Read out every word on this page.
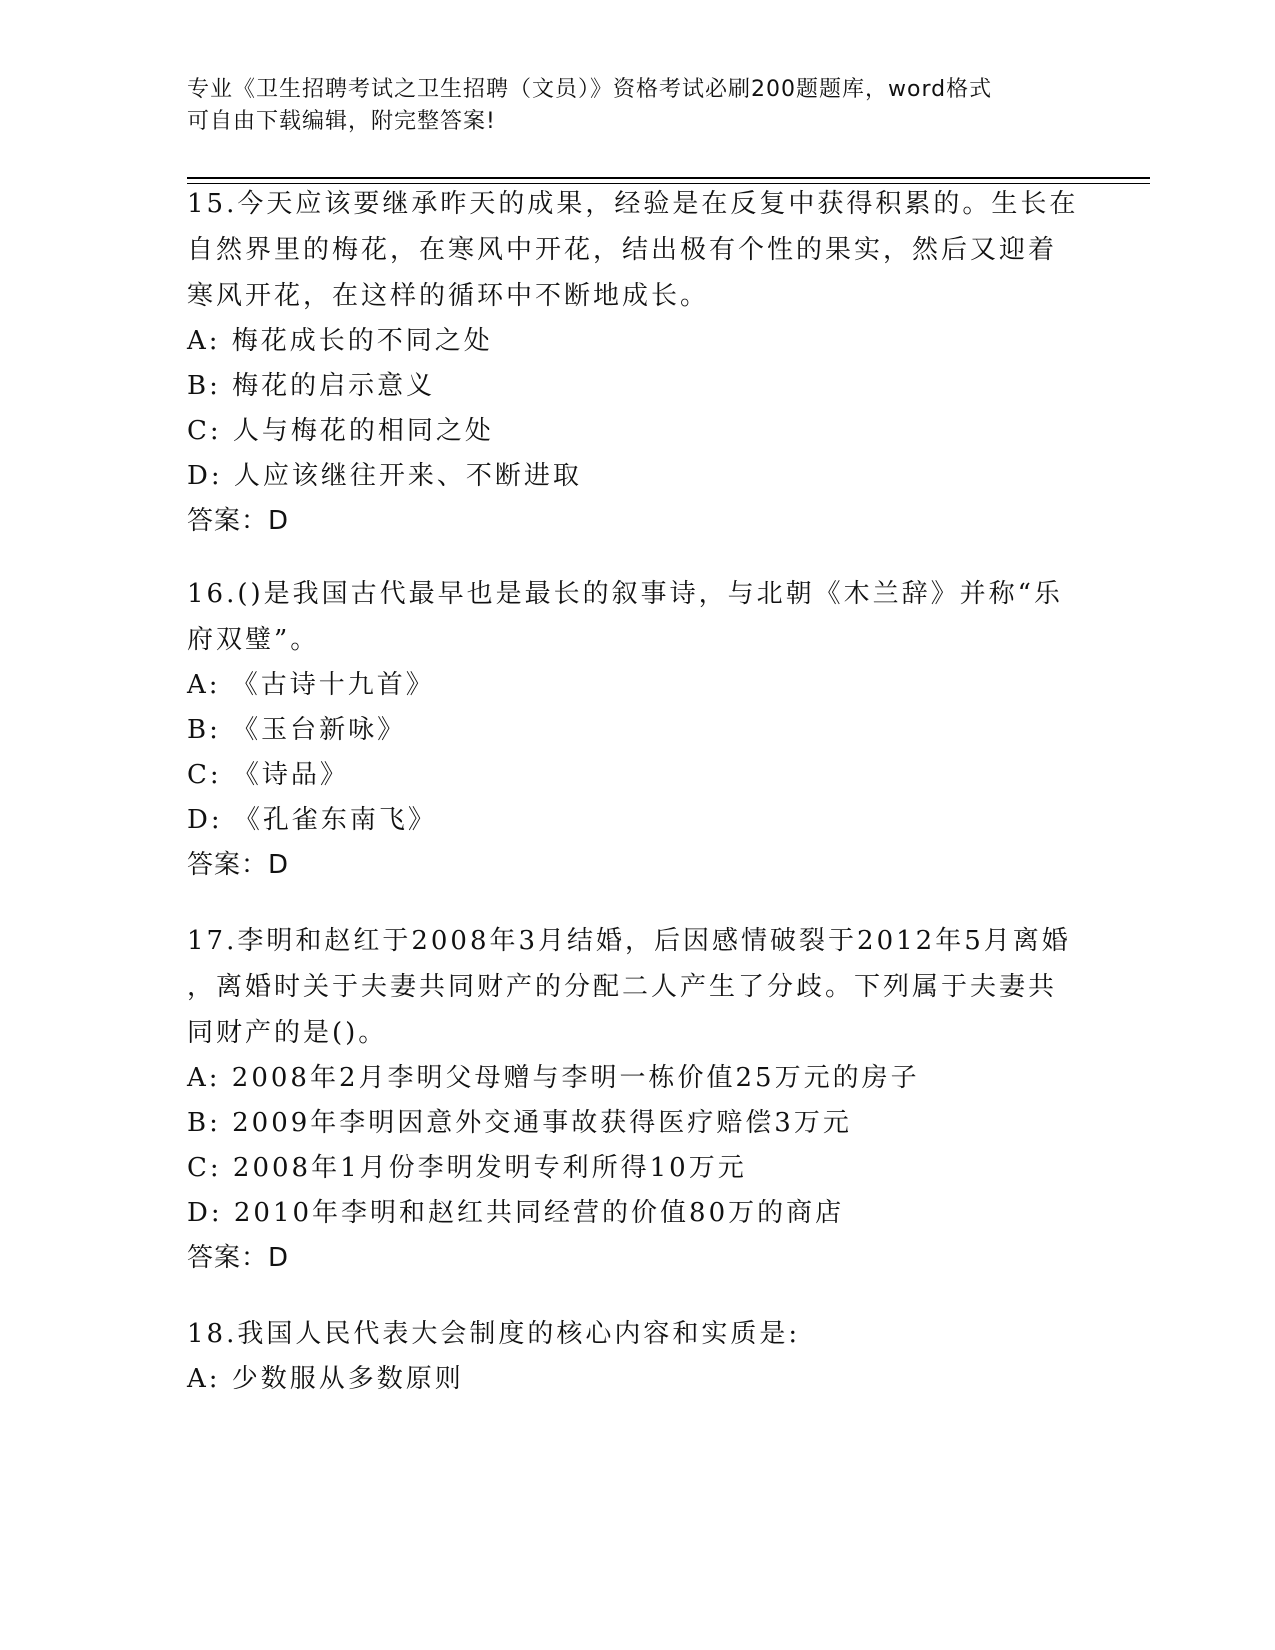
专业《卫生招聘考试之卫生招聘（文员）》资格考试必刷200题题库，word格式
可自由下载编辑，附完整答案!
15.今天应该要继承昨天的成果，经验是在反复中获得积累的。生长在
自然界里的梅花，在寒风中开花，结出极有个性的果实，然后又迎着
寒风开花，在这样的循环中不断地成长。
A: 梅花成长的不同之处
B: 梅花的启示意义
C: 人与梅花的相同之处
D: 人应该继往开来、不断进取
答案：D
16.()是我国古代最早也是最长的叙事诗，与北朝《木兰辞》并称“乐
府双璧”。
A: 《古诗十九首》
B: 《玉台新咏》
C: 《诗品》
D: 《孔雀东南飞》
答案：D
17.李明和赵红于2008年3月结婚，后因感情破裂于2012年5月离婚
，离婚时关于夫妻共同财产的分配二人产生了分歧。下列属于夫妻共
同财产的是()。
A: 2008年2月李明父母赠与李明一栋价值25万元的房子
B: 2009年李明因意外交通事故获得医疗赔偿3万元
C: 2008年1月份李明发明专利所得10万元
D: 2010年李明和赵红共同经营的价值80万的商店
答案：D
18.我国人民代表大会制度的核心内容和实质是:
A: 少数服从多数原则
